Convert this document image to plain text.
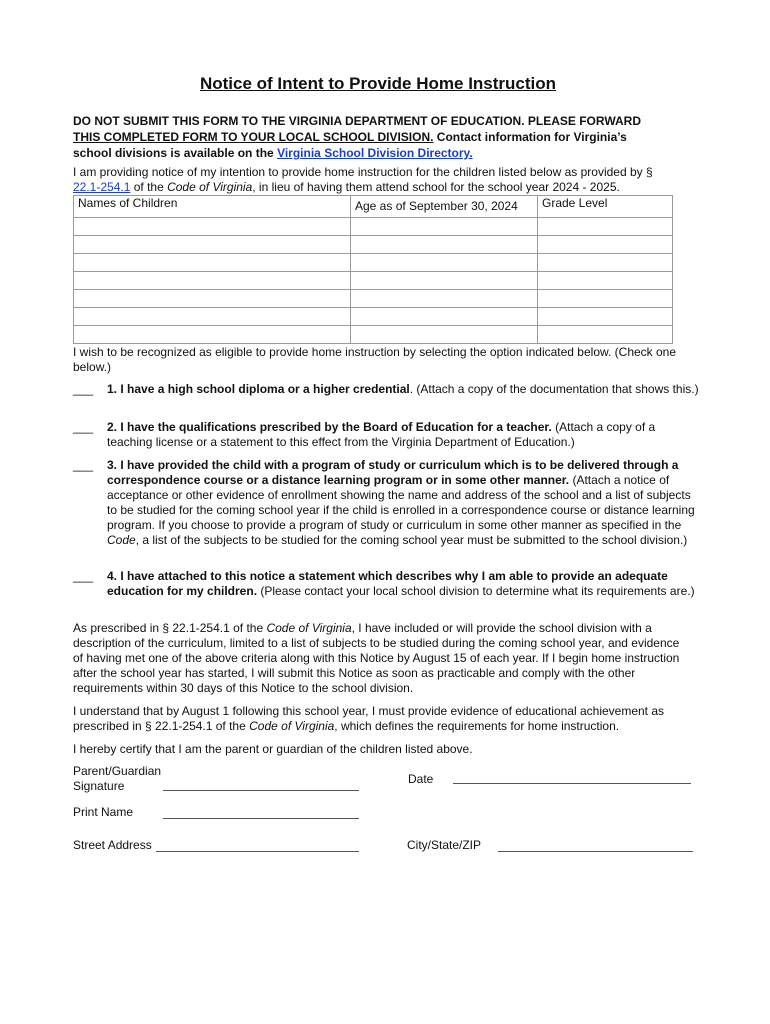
Notice of Intent to Provide Home Instruction

DO NOT SUBMIT THIS FORM TO THE VIRGINIA DEPARTMENT OF EDUCATION. PLEASE FORWARD
THIS COMPLETED FORM TO YOUR LOCAL SCHOOL DIVISION. Contact information for Virginia’s
school divisions is available on the Virginia School Division Directory.

I am providing notice of my intention to provide home instruction for the children listed below as provided by §
22.1-254.1 of the Code of Virginia, in lieu of having them attend school for the school year 2024 - 2025.

Names of Children	Age as of September 30, 2024	Grade Level

I wish to be recognized as eligible to provide home instruction by selecting the option indicated below. (Check one below.)

___	1. I have a high school diploma or a higher credential. (Attach a copy of the documentation that shows this.)
___	2. I have the qualifications prescribed by the Board of Education for a teacher. (Attach a copy of a teaching license or a statement to this effect from the Virginia Department of Education.)
___	3. I have provided the child with a program of study or curriculum which is to be delivered through a correspondence course or a distance learning program or in some other manner. (Attach a notice of acceptance or other evidence of enrollment showing the name and address of the school and a list of subjects to be studied for the coming school year if the child is enrolled in a correspondence course or distance learning program. If you choose to provide a program of study or curriculum in some other manner as specified in the Code, a list of the subjects to be studied for the coming school year must be submitted to the school division.)
___	4. I have attached to this notice a statement which describes why I am able to provide an adequate education for my children. (Please contact your local school division to determine what its requirements are.)

As prescribed in § 22.1-254.1 of the Code of Virginia, I have included or will provide the school division with a description of the curriculum, limited to a list of subjects to be studied during the coming school year, and evidence of having met one of the above criteria along with this Notice by August 15 of each year. If I begin home instruction after the school year has started, I will submit this Notice as soon as practicable and comply with the other requirements within 30 days of this Notice to the school division.

I understand that by August 1 following this school year, I must provide evidence of educational achievement as prescribed in § 22.1-254.1 of the Code of Virginia, which defines the requirements for home instruction.

I hereby certify that I am the parent or guardian of the children listed above.

Parent/Guardian
Signature	Date
Print Name
Street Address	City/State/ZIP
